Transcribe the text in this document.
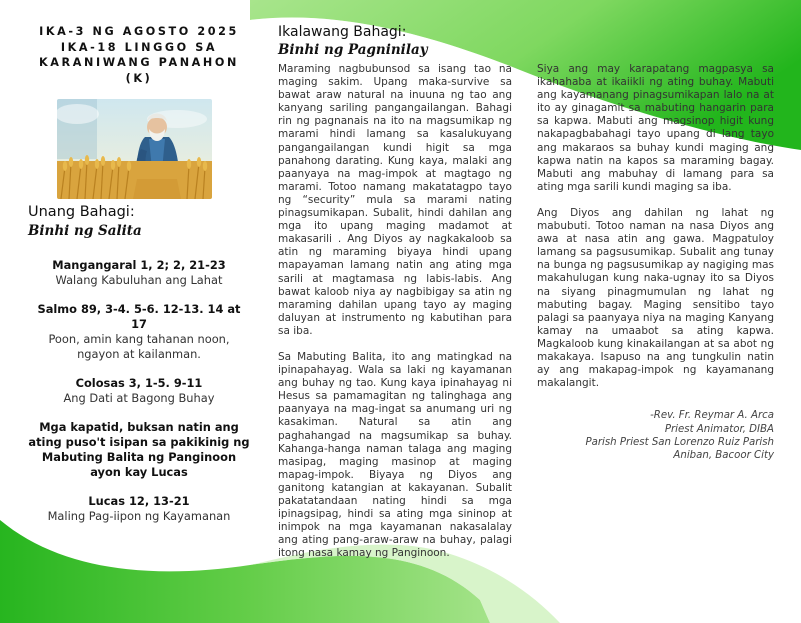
IKA-3 NG AGOSTO 2025
IKA-18 LINGGO SA
KARANIWANG PANAHON
(K)
Unang Bahagi:
Binhi ng Salita
Mangangaral 1, 2; 2, 21-23
Walang Kabuluhan ang Lahat
Salmo 89, 3-4. 5-6. 12-13. 14 at 17
Poon, amin kang tahanan noon,
ngayon at kailanman.
Colosas 3, 1-5. 9-11
Ang Dati at Bagong Buhay
Mga kapatid, buksan natin ang
ating puso't isipan sa pakikinig ng
Mabuting Balita ng Panginoon
ayon kay Lucas
Lucas 12, 13-21
Maling Pag-iipon ng Kayamanan
Ikalawang Bahagi:
Binhi ng Pagninilay

Maraming nagbubunsod sa isang tao na maging sakim. Upang maka-survive sa bawat araw natural na inuuna ng tao ang kanyang sariling pangangailangan. Bahagi rin ng pagnanais na ito na magsumikap ng marami hindi lamang sa kasalukuyang pangangailangan kundi higit sa mga panahong darating. Kung kaya, malaki ang paanyaya na mag-impok at magtago ng marami. Totoo namang makatatagpo tayo ng “security” mula sa marami nating pinagsumikapan. Subalit, hindi dahilan ang mga ito upang maging madamot at makasarili . Ang Diyos ay nagkakaloob sa atin ng maraming biyaya hindi upang mapayaman lamang natin ang ating mga sarili at magtamasa ng labis-labis. Ang bawat kaloob niya ay nagbibigay sa atin ng maraming dahilan upang tayo ay maging daluyan at instrumento ng kabutihan para sa iba.

Sa Mabuting Balita, ito ang matingkad na ipinapahayag. Wala sa laki ng kayamanan ang buhay ng tao. Kung kaya ipinahayag ni Hesus sa pamamagitan ng talinghaga ang paanyaya na mag-ingat sa anumang uri ng kasakiman. Natural sa atin ang paghahangad na magsumikap sa buhay. Kahanga-hanga naman talaga ang maging masipag, maging masinop at maging mapag-impok. Biyaya ng Diyos ang ganitong katangian at kakayanan. Subalit pakatatandaan nating hindi sa mga ipinagsipag, hindi sa ating mga sininop at inimpok na mga kayamanan nakasalalay ang ating pang-araw-araw na buhay, palagi itong nasa kamay ng Panginoon.

Siya ang may karapatang magpasya sa ikahahaba at ikaiikli ng ating buhay. Mabuti ang kayamanang pinagsumikapan lalo na at ito ay ginagamit sa mabuting hangarin para sa kapwa. Mabuti ang magsinop higit kung nakapagbabahagi tayo upang di lang tayo ang makaraos sa buhay kundi maging ang kapwa natin na kapos sa maraming bagay. Mabuti ang mabuhay di lamang para sa ating mga sarili kundi maging sa iba.

Ang Diyos ang dahilan ng lahat ng mabubuti. Totoo naman na nasa Diyos ang awa at nasa atin ang gawa. Magpatuloy lamang sa pagsusumikap. Subalit ang tunay na bunga ng pagsusumikap ay nagiging mas makahulugan kung naka-ugnay ito sa Diyos na siyang pinagmumulan ng lahat ng mabuting bagay. Maging sensitibo tayo palagi sa paanyaya niya na maging Kanyang kamay na umaabot sa ating kapwa. Magkaloob kung kinakailangan at sa abot ng makakaya. Isapuso na ang tungkulin natin ay ang makapag-impok ng kayamanang makalangit.

-Rev. Fr. Reymar A. Arca
Priest Animator, DIBA
Parish Priest San Lorenzo Ruiz Parish
Aniban, Bacoor City
